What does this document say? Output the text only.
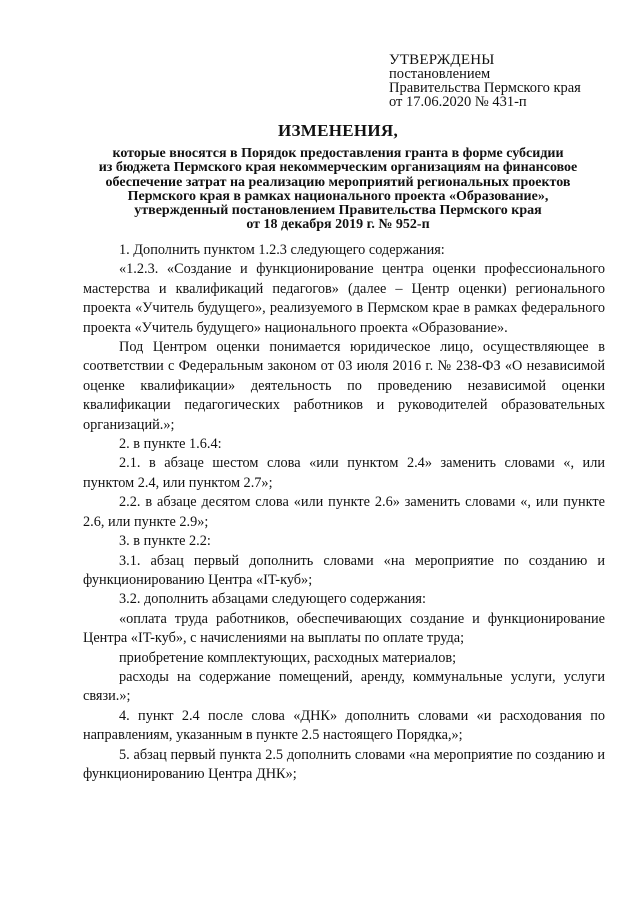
УТВЕРЖДЕНЫ
постановлением
Правительства Пермского края
от 17.06.2020 № 431-п
ИЗМЕНЕНИЯ,
которые вносятся в Порядок предоставления гранта в форме субсидии
из бюджета Пермского края некоммерческим организациям на финансовое
обеспечение затрат на реализацию мероприятий региональных проектов
Пермского края в рамках национального проекта «Образование»,
утвержденный постановлением Правительства Пермского края
от 18 декабря 2019 г. № 952-п

1. Дополнить пунктом 1.2.3 следующего содержания:

«1.2.3. «Создание и функционирование центра оценки профессионального мастерства и квалификаций педагогов» (далее – Центр оценки) регионального проекта «Учитель будущего», реализуемого в Пермском крае в рамках федерального проекта «Учитель будущего» национального проекта «Образование».

Под Центром оценки понимается юридическое лицо, осуществляющее в соответствии с Федеральным законом от 03 июля 2016 г. № 238-ФЗ «О независимой оценке квалификации» деятельность по проведению независимой оценки квалификации педагогических работников и руководителей образовательных организаций.»;

2. в пункте 1.6.4:

2.1. в абзаце шестом слова «или пунктом 2.4» заменить словами «, или пунктом 2.4, или пунктом 2.7»;

2.2. в абзаце десятом слова «или пункте 2.6» заменить словами «, или пункте 2.6, или пункте 2.9»;

3. в пункте 2.2:

3.1. абзац первый дополнить словами «на мероприятие по созданию и функционированию Центра «IT-куб»;

3.2. дополнить абзацами следующего содержания:

«оплата труда работников, обеспечивающих создание и функционирование Центра «IT-куб», с начислениями на выплаты по оплате труда;

приобретение комплектующих, расходных материалов;

расходы на содержание помещений, аренду, коммунальные услуги, услуги связи.»;

4. пункт 2.4 после слова «ДНК» дополнить словами «и расходования по направлениям, указанным в пункте 2.5 настоящего Порядка,»;

5. абзац первый пункта 2.5 дополнить словами «на мероприятие по созданию и функционированию Центра ДНК»;
